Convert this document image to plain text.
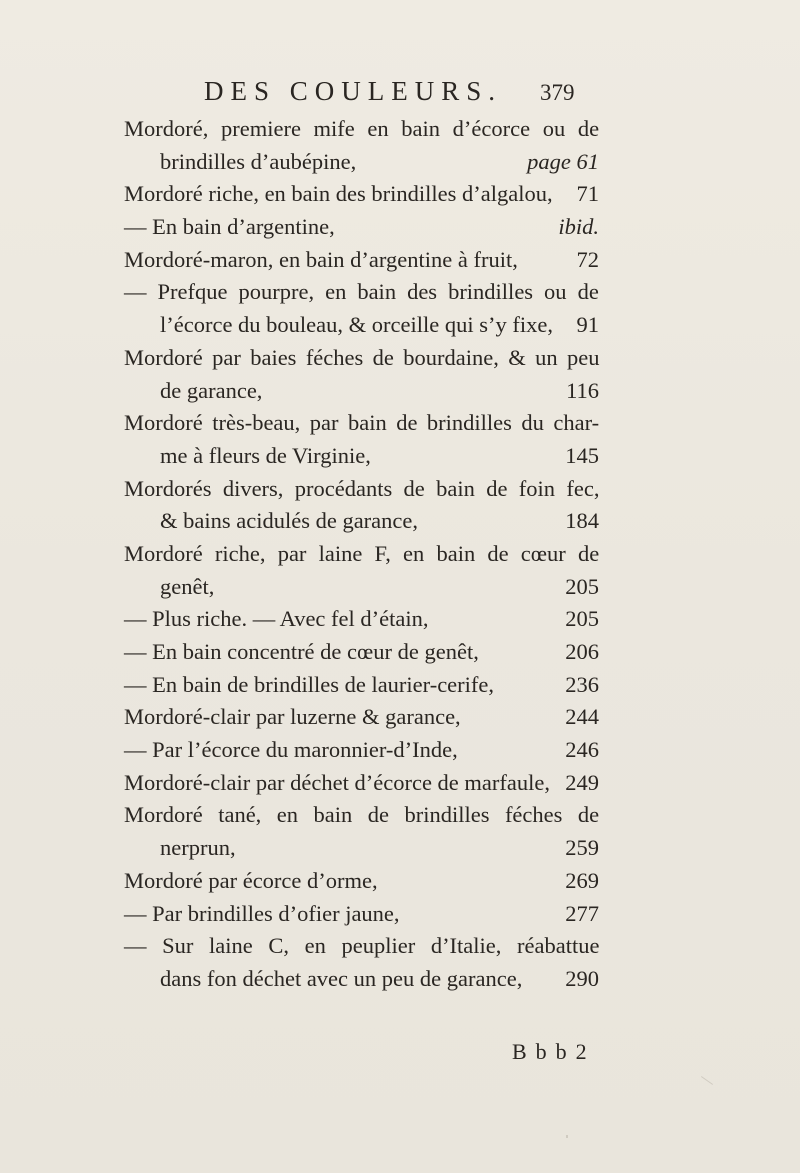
DES COULEURS. 379
Mordoré, premiere mife en bain d’écorce ou de
brindilles d’aubépine,	page 61
Mordoré riche, en bain des brindilles d’algalou, 71
— En bain d’argentine,	ibid.
Mordoré-maron, en bain d’argentine à fruit,	72
— Prefque pourpre, en bain des brindilles ou de
l’écorce du bouleau, & orceille qui s’y fixe, 91
Mordoré par baies féches de bourdaine, & un peu
de garance,	116
Mordoré très-beau, par bain de brindilles du char-
me à fleurs de Virginie,	145
Mordorés divers, procédants de bain de foin fec,
& bains acidulés de garance,	184
Mordoré riche, par laine F, en bain de cœur de
genêt,	205
— Plus riche. — Avec fel d’étain,	205
— En bain concentré de cœur de genêt,	206
— En bain de brindilles de laurier-cerife,	236
Mordoré-clair par luzerne & garance,	244
— Par l’écorce du maronnier-d’Inde,	246
Mordoré-clair par déchet d’écorce de marfaule, 249
Mordoré tané, en bain de brindilles féches de
nerprun,	259
Mordoré par écorce d’orme,	269
— Par brindilles d’ofier jaune,	277
— Sur laine C, en peuplier d’Italie, réabattue
dans fon déchet avec un peu de garance, 290
Bbb2
